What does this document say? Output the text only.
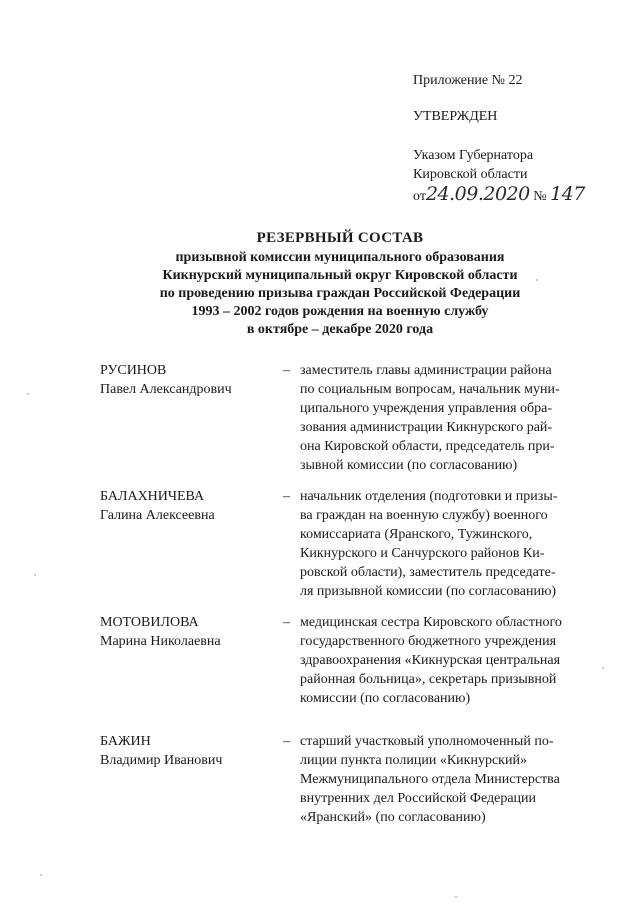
Приложение № 22
УТВЕРЖДЕН
Указом Губернатора
Кировской области
от24.09.2020 № 147
РЕЗЕРВНЫЙ СОСТАВ
призывной комиссии муниципального образования
Кикнурский муниципальный округ Кировской области
по проведению призыва граждан Российской Федерации
1993 – 2002 годов рождения на военную службу
в октябре – декабре 2020 года
РУСИНОВ
Павел Александрович
– заместитель главы администрации района
по социальным вопросам, начальник муни-
ципального учреждения управления обра-
зования администрации Кикнурского рай-
она Кировской области, председатель при-
зывной комиссии (по согласованию)
БАЛАХНИЧЕВА
Галина Алексеевна
– начальник отделения (подготовки и призы-
ва граждан на военную службу) военного
комиссариата (Яранского, Тужинского,
Кикнурского и Санчурского районов Ки-
ровской области), заместитель председате-
ля призывной комиссии (по согласованию)
МОТОВИЛОВА
Марина Николаевна
– медицинская сестра Кировского областного
государственного бюджетного учреждения
здравоохранения «Кикнурская центральная
районная больница», секретарь призывной
комиссии (по согласованию)
БАЖИН
Владимир Иванович
– старший участковый уполномоченный по-
лиции пункта полиции «Кикнурский»
Межмуниципального отдела Министерства
внутренних дел Российской Федерации
«Яранский» (по согласованию)
